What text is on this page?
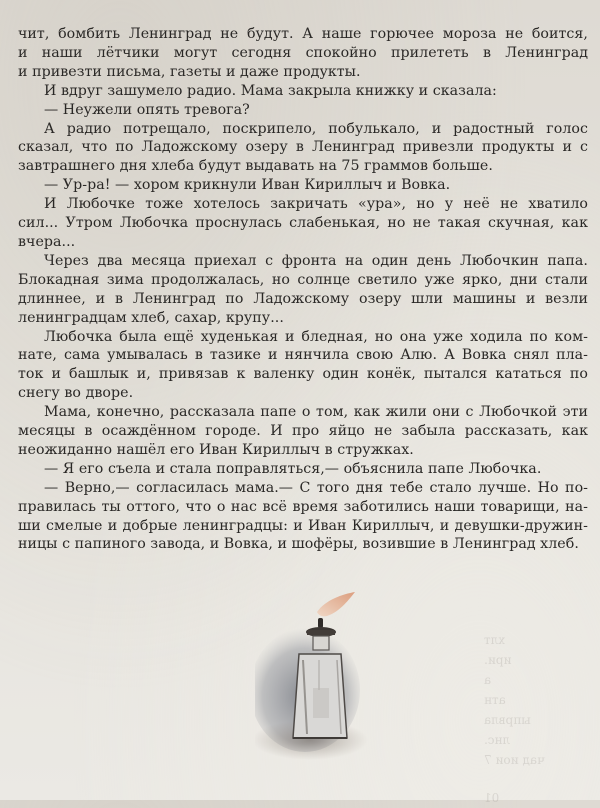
чит, бомбить Ленинград не будут. А наше горючее мороза не боится,
и наши лётчики могут сегодня спокойно прилететь в Ленинград
и привезти письма, газеты и даже продукты.
И вдруг зашумело радио. Мама закрыла книжку и сказала:
— Неужели опять тревога?
А радио потрещало, поскрипело, побулькало, и радостный голос
сказал, что по Ладожскому озеру в Ленинград привезли продукты и с
завтрашнего дня хлеба будут выдавать на 75 граммов больше.
— Ур-ра! — хором крикнули Иван Кириллыч и Вовка.
И Любочке тоже хотелось закричать «ура», но у неё не хватило
сил... Утром Любочка проснулась слабенькая, но не такая скучная, как
вчера...
Через два месяца приехал с фронта на один день Любочкин папа.
Блокадная зима продолжалась, но солнце светило уже ярко, дни стали
длиннее, и в Ленинград по Ладожскому озеру шли машины и везли
ленинградцам хлеб, сахар, крупу...
Любочка была ещё худенькая и бледная, но она уже ходила по ком-
нате, сама умывалась в тазике и нянчила свою Алю. А Вовка снял пла-
ток и башлык и, привязав к валенку один конёк, пытался кататься по
снегу во дворе.
Мама, конечно, рассказала папе о том, как жили они с Любочкой эти
месяцы в осаждённом городе. И про яйцо не забыла рассказать, как
неожиданно нашёл его Иван Кириллыч в стружках.
— Я его съела и стала поправляться,— объяснила папе Любочка.
— Верно,— согласилась мама.— С того дня тебе стало лучше. Но по-
правилась ты оттого, что о нас всё время заботились наши товарищи, на-
ши смелые и добрые ленинградцы: и Иван Кириллыч, и девушки-дружин-
ницы с папиного завода, и Вовка, и шофёры, возившие в Ленинград хлеб.
хлт
ири.
а
атн
ыпрвла
лнс.
чад иои 7
01
